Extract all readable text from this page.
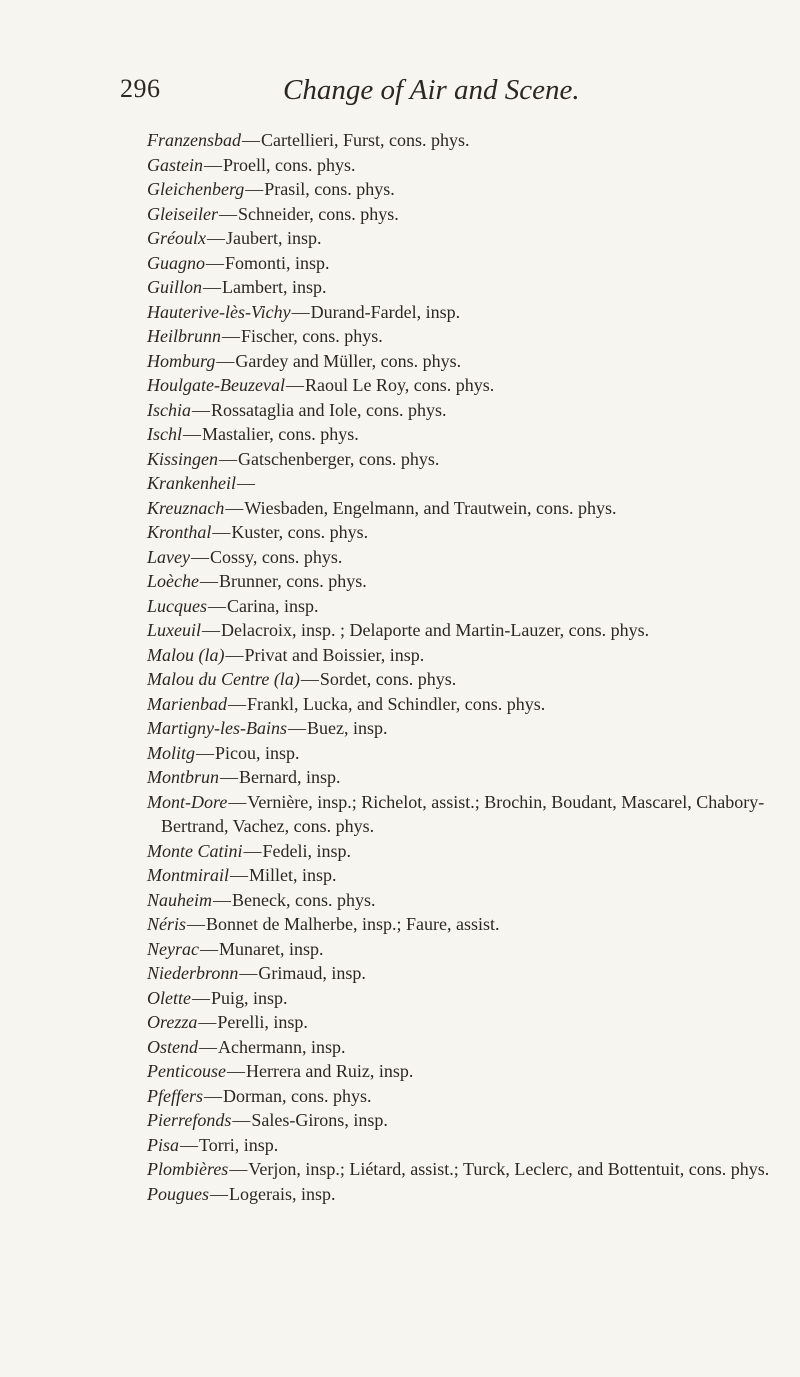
296	Change of Air and Scene.

Franzensbad—Cartellieri, Furst, cons. phys.

Gastein—Proell, cons. phys.

Gleichenberg—Prasil, cons. phys.

Gleiseiler—Schneider, cons. phys.

Gréoulx—Jaubert, insp.

Guagno—Fomonti, insp.

Guillon—Lambert, insp.

Hauterive-lès-Vichy—Durand-Fardel, insp.

Heilbrunn—Fischer, cons. phys.

Homburg—Gardey and Müller, cons. phys.

Houlgate-Beuzeval—Raoul Le Roy, cons. phys.

Ischia—Rossataglia and Iole, cons. phys.

Ischl—Mastalier, cons. phys.

Kissingen—Gatschenberger, cons. phys.

Krankenheil—

Kreuznach—Wiesbaden, Engelmann, and Trautwein, cons. phys.

Kronthal—Kuster, cons. phys.

Lavey—Cossy, cons. phys.

Loèche—Brunner, cons. phys.

Lucques—Carina, insp.

Luxeuil—Delacroix, insp. ; Delaporte and Martin-Lauzer, cons. phys.

Malou (la)—Privat and Boissier, insp.

Malou du Centre (la)—Sordet, cons. phys.

Marienbad—Frankl, Lucka, and Schindler, cons. phys.

Martigny-les-Bains—Buez, insp.

Molitg—Picou, insp.

Montbrun—Bernard, insp.

Mont-Dore—Vernière, insp.; Richelot, assist.; Brochin, Boudant, Mascarel, Chabory-Bertrand, Vachez, cons. phys.

Monte Catini—Fedeli, insp.

Montmirail—Millet, insp.

Nauheim—Beneck, cons. phys.

Néris—Bonnet de Malherbe, insp.; Faure, assist.

Neyrac—Munaret, insp.

Niederbronn—Grimaud, insp.

Olette—Puig, insp.

Orezza—Perelli, insp.

Ostend—Achermann, insp.

Penticouse—Herrera and Ruiz, insp.

Pfeffers—Dorman, cons. phys.

Pierrefonds—Sales-Girons, insp.

Pisa—Torri, insp.

Plombières—Verjon, insp.; Liétard, assist.; Turck, Leclerc, and Bottentuit, cons. phys.

Pougues—Logerais, insp.
